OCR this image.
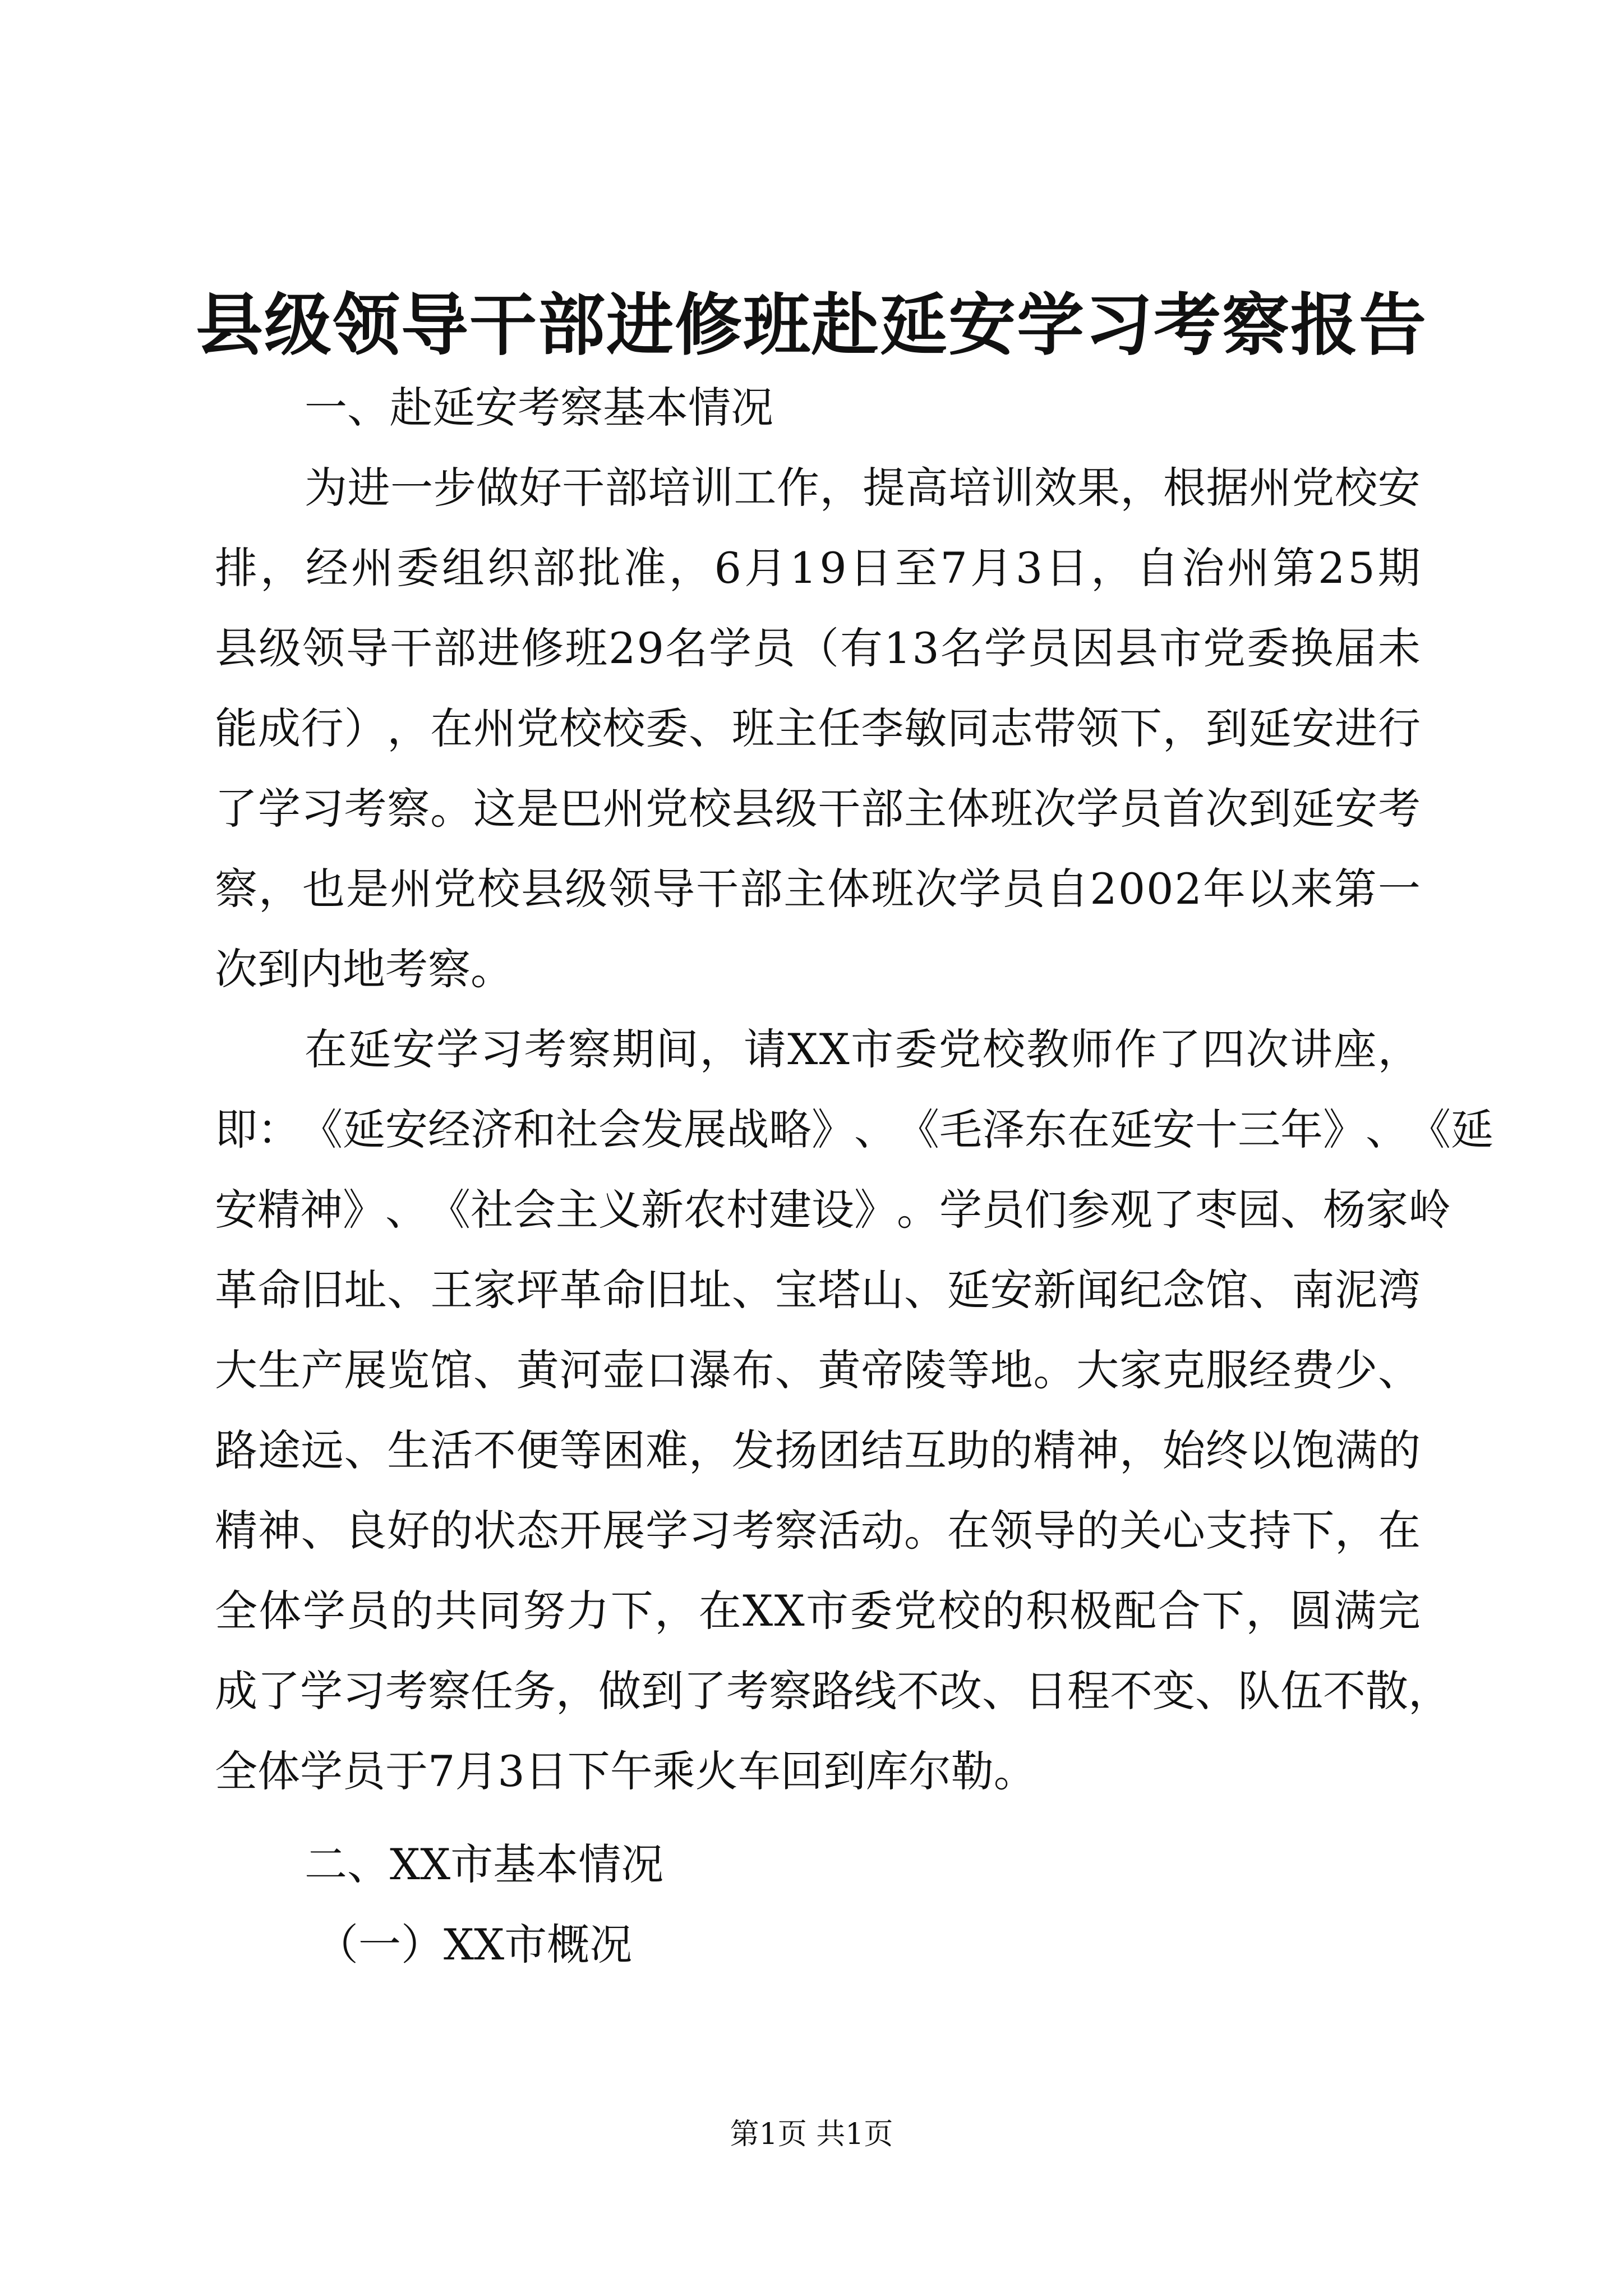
县级领导干部进修班赴延安学习考察报告
一、赴延安考察基本情况
为 进 一 步 做 好 干 部 培 训 工 作 ， 提 高 培 训 效 果 ， 根 据 州 党 校 安
排 ， 经 州 委 组 织 部 批 准 ， 6 月 1 9 日 至 7 月 3 日 ， 自 治 州 第 2 5 期
县 级 领 导 干 部 进 修 班 2 9 名 学 员 （ 有 1 3 名 学 员 因 县 市 党 委 换 届 未
能 成 行 ） ， 在 州 党 校 校 委 、 班 主 任 李 敏 同 志 带 领 下 ， 到 延 安 进 行
了 学 习 考 察 。 这 是 巴 州 党 校 县 级 干 部 主 体 班 次 学 员 首 次 到 延 安 考
察 ， 也 是 州 党 校 县 级 领 导 干 部 主 体 班 次 学 员 自 2 0 0 2 年 以 来 第 一
次到内地考察。
在 延 安 学 习 考 察 期 间 ， 请 X X 市 委 党 校 教 师 作 了 四 次 讲 座 ，
即 ： 《 延 安 经 济 和 社 会 发 展 战 略 》 、 《 毛 泽 东 在 延 安 十 三 年 》 、 《 延
安 精 神 》 、 《 社 会 主 义 新 农 村 建 设 》 。 学 员 们 参 观 了 枣 园 、 杨 家 岭
革 命 旧 址 、 王 家 坪 革 命 旧 址 、 宝 塔 山 、 延 安 新 闻 纪 念 馆 、 南 泥 湾
大 生 产 展 览 馆 、 黄 河 壶 口 瀑 布 、 黄 帝 陵 等 地 。 大 家 克 服 经 费 少 、
路 途 远 、 生 活 不 便 等 困 难 ， 发 扬 团 结 互 助 的 精 神 ， 始 终 以 饱 满 的
精 神 、 良 好 的 状 态 开 展 学 习 考 察 活 动 。 在 领 导 的 关 心 支 持 下 ， 在
全 体 学 员 的 共 同 努 力 下 ， 在 X X 市 委 党 校 的 积 极 配 合 下 ， 圆 满 完
成 了 学 习 考 察 任 务 ， 做 到 了 考 察 路 线 不 改 、 日 程 不 变 、 队 伍 不 散 ，
全体学员于7月3日下午乘火车回到库尔勒。
二、XX市基本情况
（一）XX市概况
第1页 共1页
